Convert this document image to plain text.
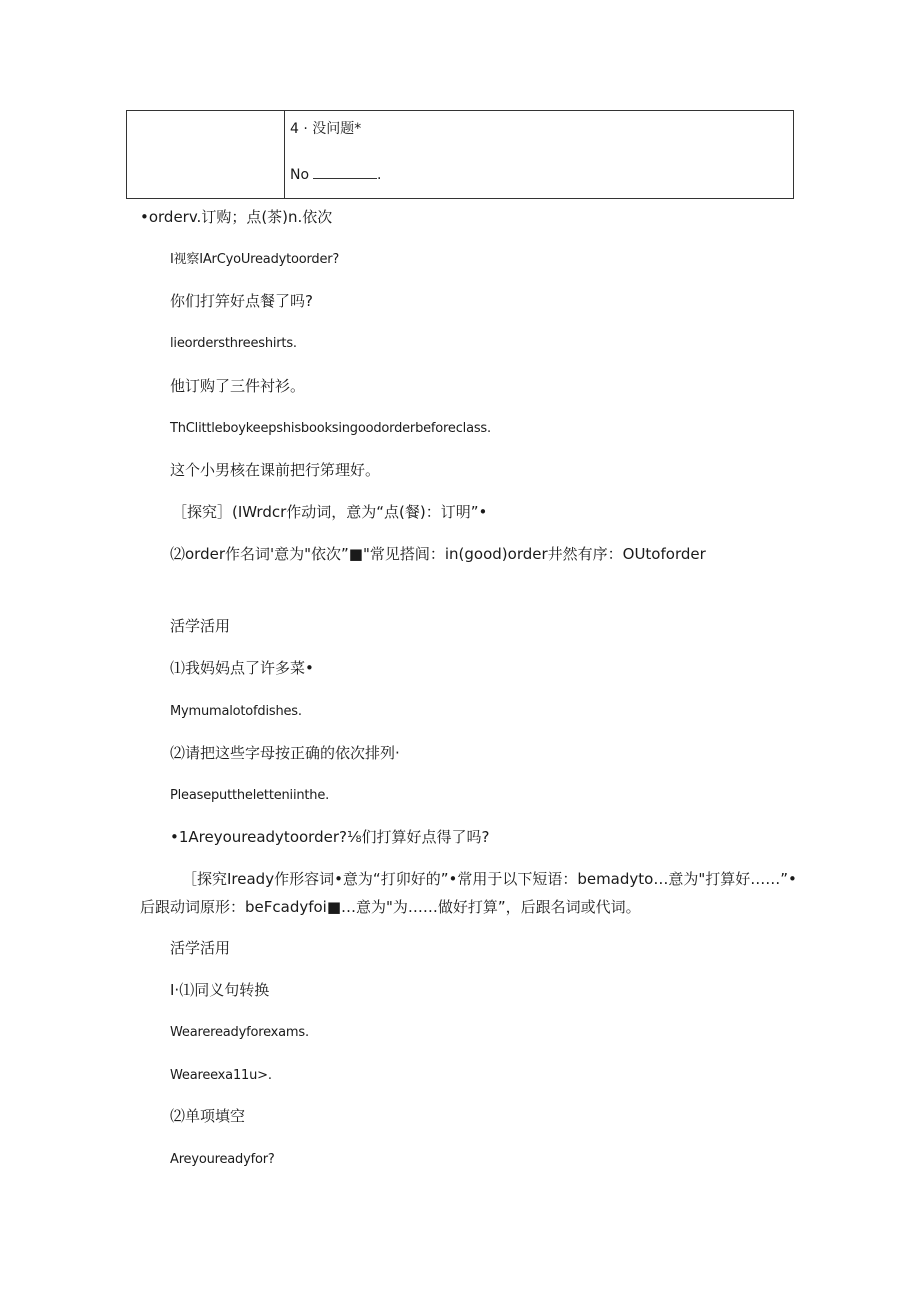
4 · 没问题*
No	.
•orderv.订购；点(茶)n.依次
I视察IArCyoUreadytoorder?
你们打笄好点餐了吗?
lieordersthreeshirts.
他订购了三件衬衫。
ThClittleboykeepshisbooksingoodorderbeforeclass.
这个小男核在课前把行笫理好。
［探究］(IWrdcr作动词，意为“点(餐)：订明”•
⑵order作名词'意为"依次”■"常见搭闾：in(good)order井然有序：OUtoforder
活学活用
⑴我妈妈点了许多菜•
Mymumalotofdishes.
⑵请把这些字母按正确的依次排列·
Pleaseputtheletteniinthe.
•1Areyoureadytoorder?⅛们打算好点得了吗?
［探究Iready作形容词•意为“打卯好的”•常用于以下短语：bemadyto…意为"打算好……”•
后跟动词原形：beFcadyfoi■…意为"为……做好打算”，后跟名词或代词。
活学活用
I·⑴同义句转换
Wearereadyforexams.
Weareexa11u>.
⑵单项填空
Areyoureadyfor?
